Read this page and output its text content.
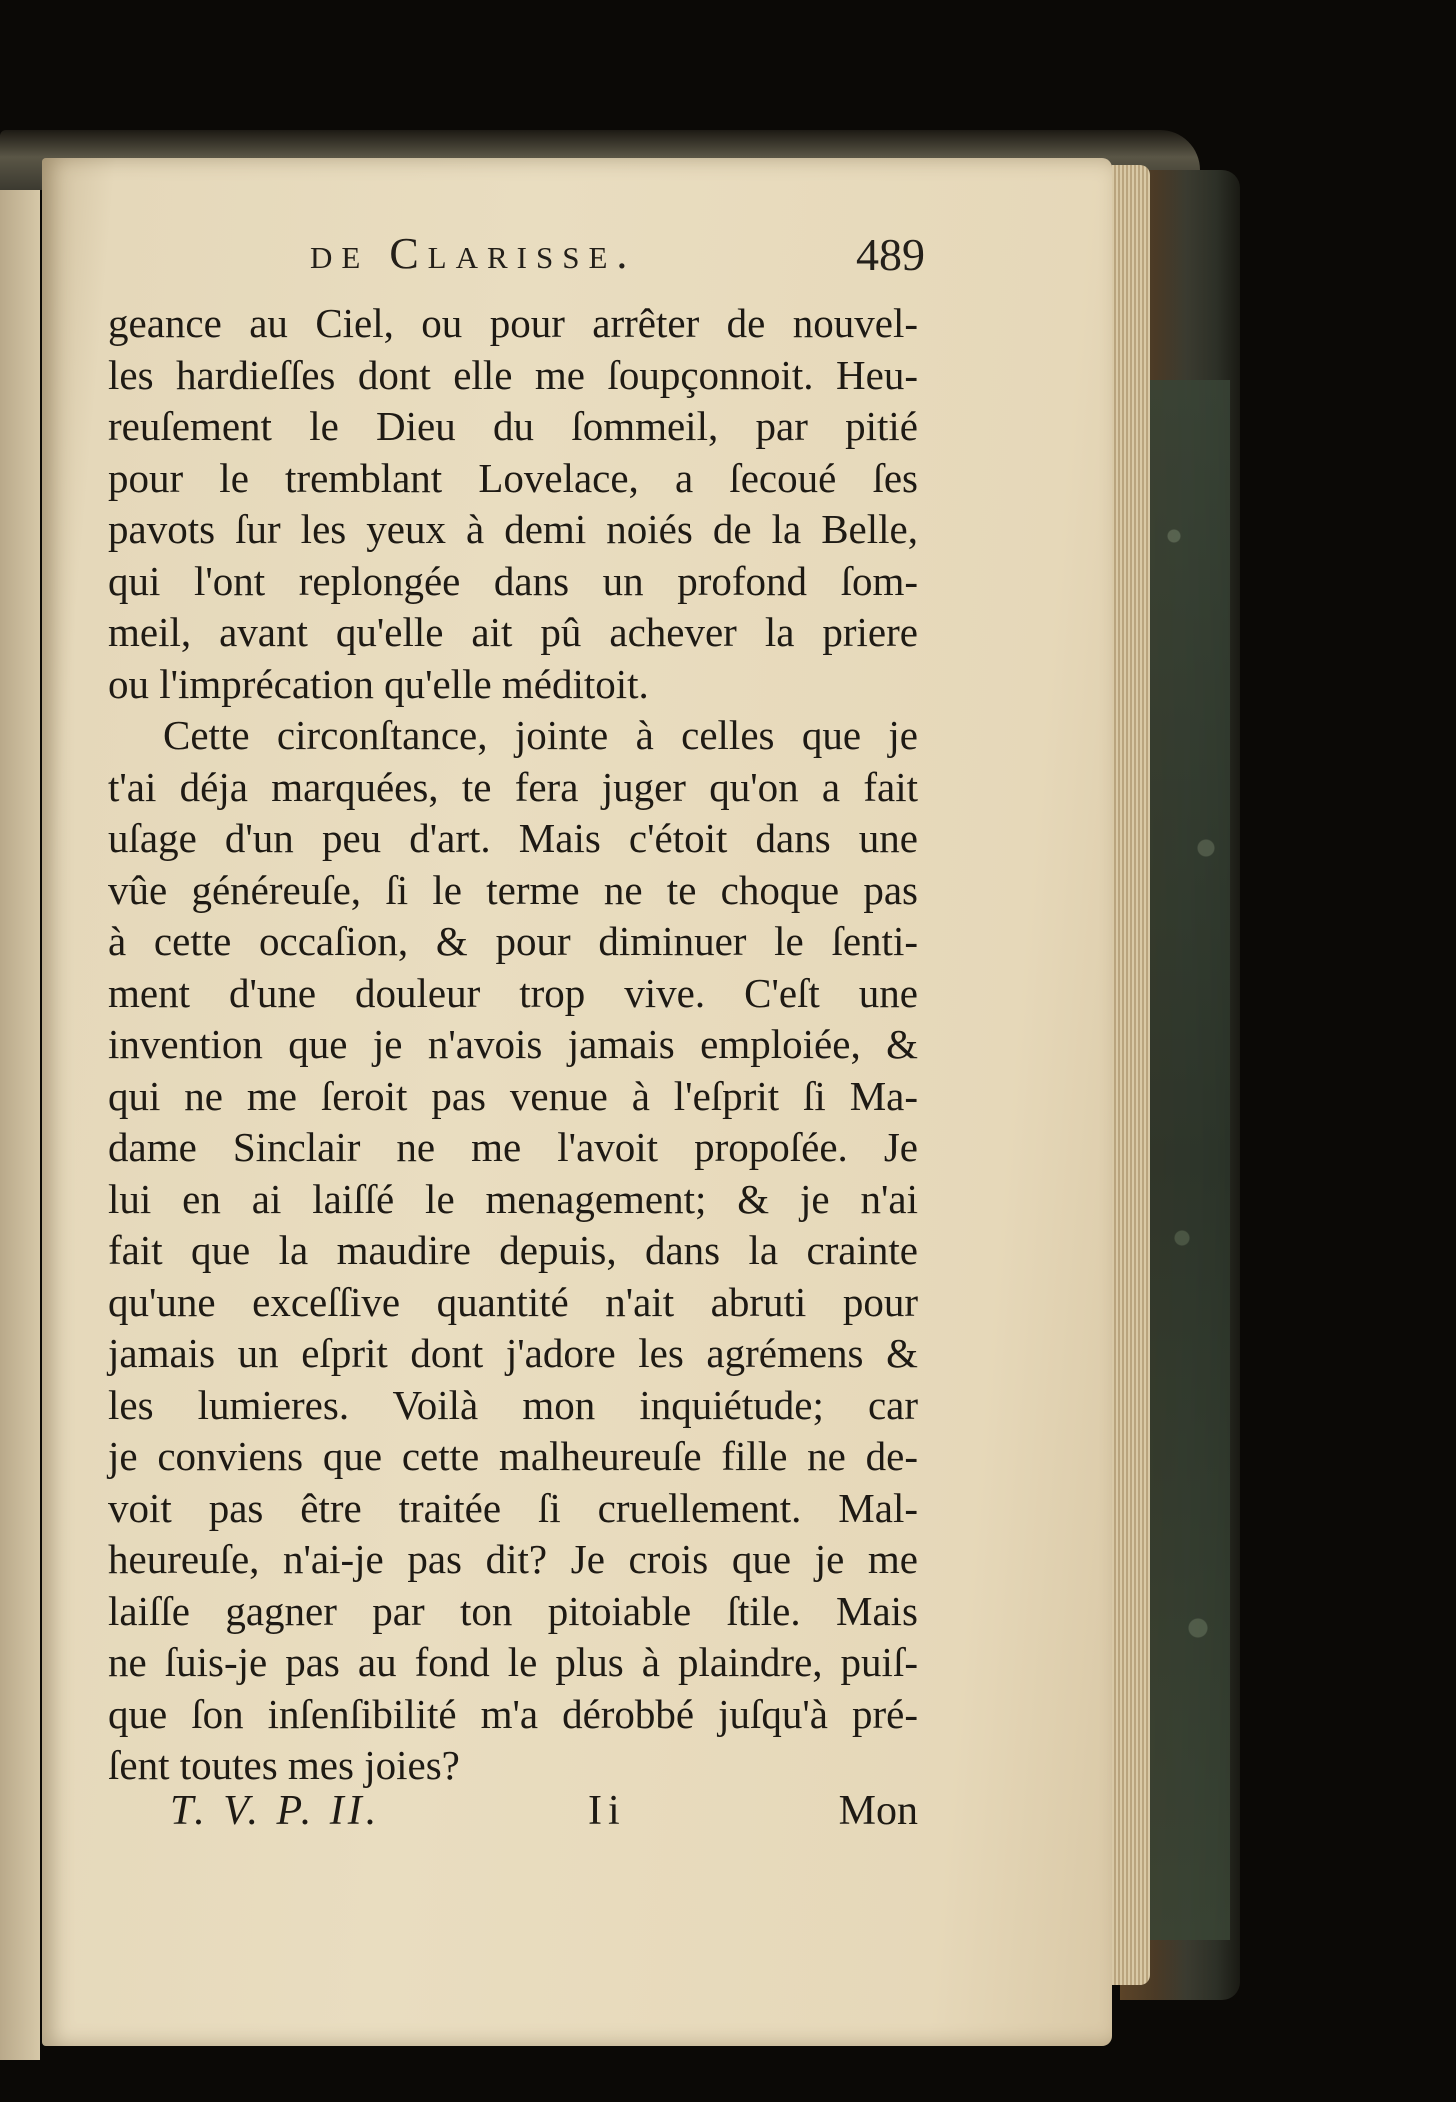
de Clarisse.	489
geance au Ciel, ou pour arrêter de nouvel-
les hardieſſes dont elle me ſoupçonnoit. Heu-
reuſement le Dieu du ſommeil, par pitié
pour le tremblant Lovelace, a ſecoué ſes
pavots ſur les yeux à demi noiés de la Belle,
qui l'ont replongée dans un profond ſom-
meil, avant qu'elle ait pû achever la priere
ou l'imprécation qu'elle méditoit.
Cette circonſtance, jointe à celles que je
t'ai déja marquées, te fera juger qu'on a fait
uſage d'un peu d'art. Mais c'étoit dans une
vûe généreuſe, ſi le terme ne te choque pas
à cette occaſion, & pour diminuer le ſenti-
ment d'une douleur trop vive. C'eſt une
invention que je n'avois jamais emploiée, &
qui ne me ſeroit pas venue à l'eſprit ſi Ma-
dame Sinclair ne me l'avoit propoſée. Je
lui en ai laiſſé le menagement; & je n'ai
fait que la maudire depuis, dans la crainte
qu'une exceſſive quantité n'ait abruti pour
jamais un eſprit dont j'adore les agrémens &
les lumieres. Voilà mon inquiétude; car
je conviens que cette malheureuſe fille ne de-
voit pas être traitée ſi cruellement. Mal-
heureuſe, n'ai-je pas dit? Je crois que je me
laiſſe gagner par ton pitoiable ſtile. Mais
ne ſuis-je pas au fond le plus à plaindre, puiſ-
que ſon inſenſibilité m'a dérobbé juſqu'à pré-
ſent toutes mes joies?
T. V. P. II.	Ii	Mon
